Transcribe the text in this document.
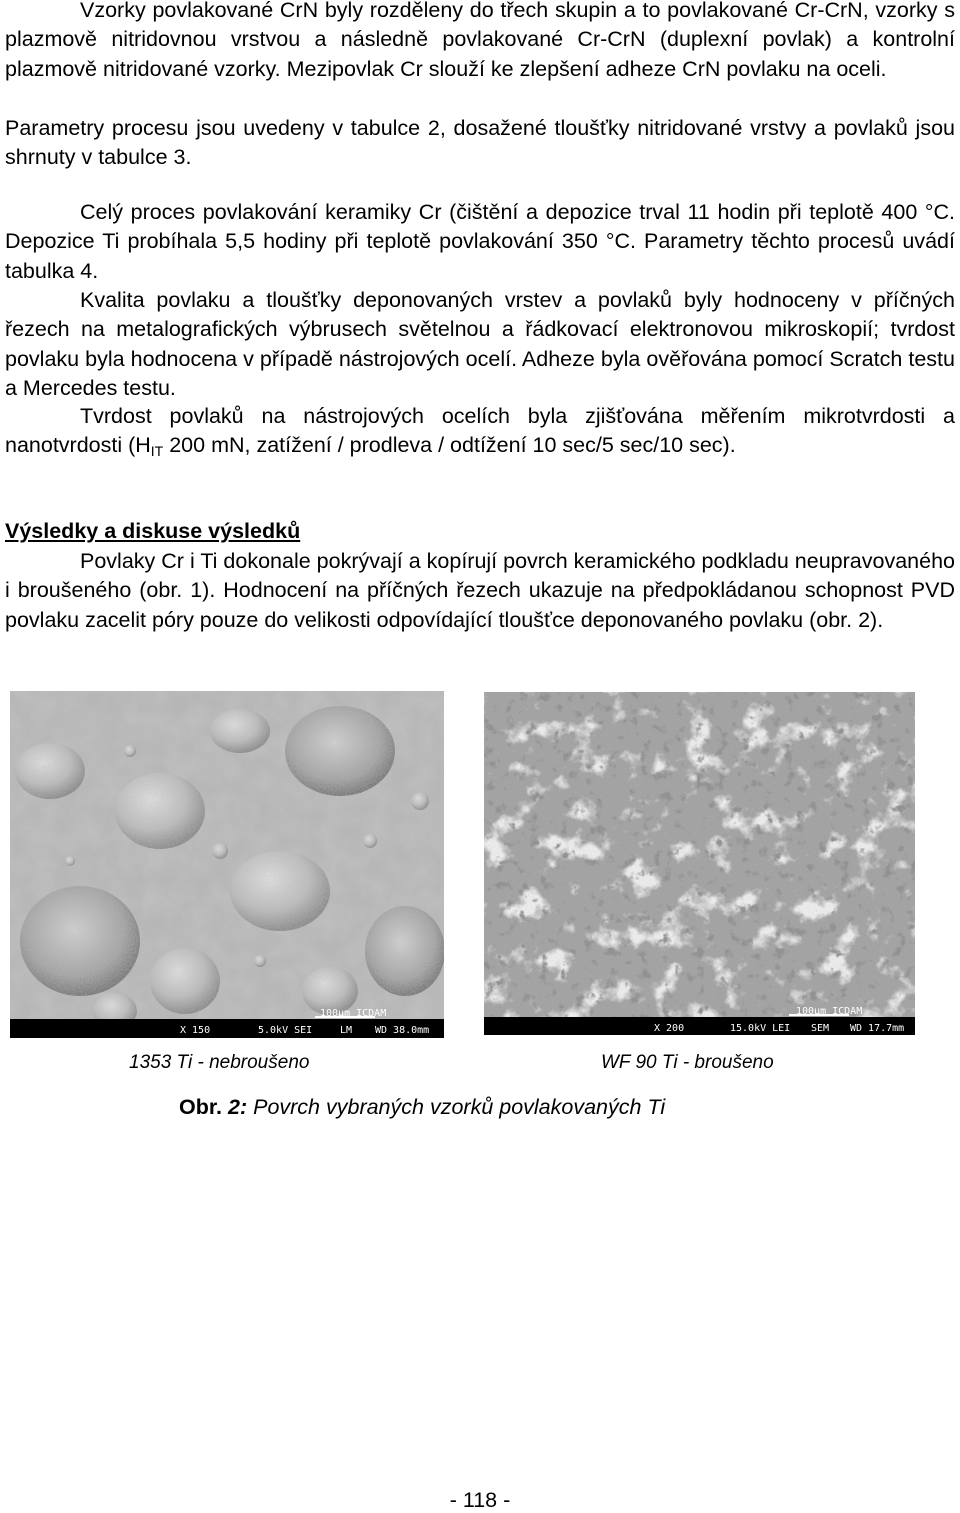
Vzorky povlakované CrN byly rozděleny do třech skupin a to povlakované Cr-CrN, vzorky s plazmově nitridovnou vrstvou a následně povlakované Cr-CrN (duplexní povlak) a kontrolní plazmově nitridované vzorky. Mezipovlak Cr slouží ke zlepšení adheze CrN povlaku na oceli.

Parametry procesu jsou uvedeny v tabulce 2, dosažené tloušťky nitridované vrstvy a povlaků jsou shrnuty v tabulce 3.

Celý proces povlakování keramiky Cr (čištění a depozice trval 11 hodin při teplotě 400 °C. Depozice Ti probíhala 5,5 hodiny při teplotě povlakování 350 °C. Parametry těchto procesů uvádí tabulka 4.

Kvalita povlaku a tloušťky deponovaných vrstev a povlaků byly hodnoceny v příčných řezech na metalografických výbrusech světelnou a řádkovací elektronovou mikroskopií; tvrdost povlaku byla hodnocena v případě nástrojových ocelí. Adheze byla ověřována pomocí Scratch testu a Mercedes testu.

Tvrdost povlaků na nástrojových ocelích byla zjišťována měřením mikrotvrdosti a nanotvrdosti ($H_{IT}$ 200 mN, zatížení / prodleva / odtížení 10 sec/5 sec/10 sec).

Výsledky a diskuse výsledků

Povlaky Cr i Ti dokonale pokrývají a kopírují povrch keramického podkladu neupravovaného i broušeného (obr. 1). Hodnocení na příčných řezech ukazuje na předpokládanou schopnost PVD povlaku zacelit póry pouze do velikosti odpovídající tloušťce deponovaného povlaku (obr. 2).

100µm ICDAM
X 150	5.0kV SEI	LM WD 38.0mm
100µm ICDAM
X 200	15.0kV LEI SEM WD 17.7mm
1353 Ti - nebroušeno	WF 90 Ti - broušeno
Obr. 2: Povrch vybraných vzorků povlakovaných Ti
- 118 -
